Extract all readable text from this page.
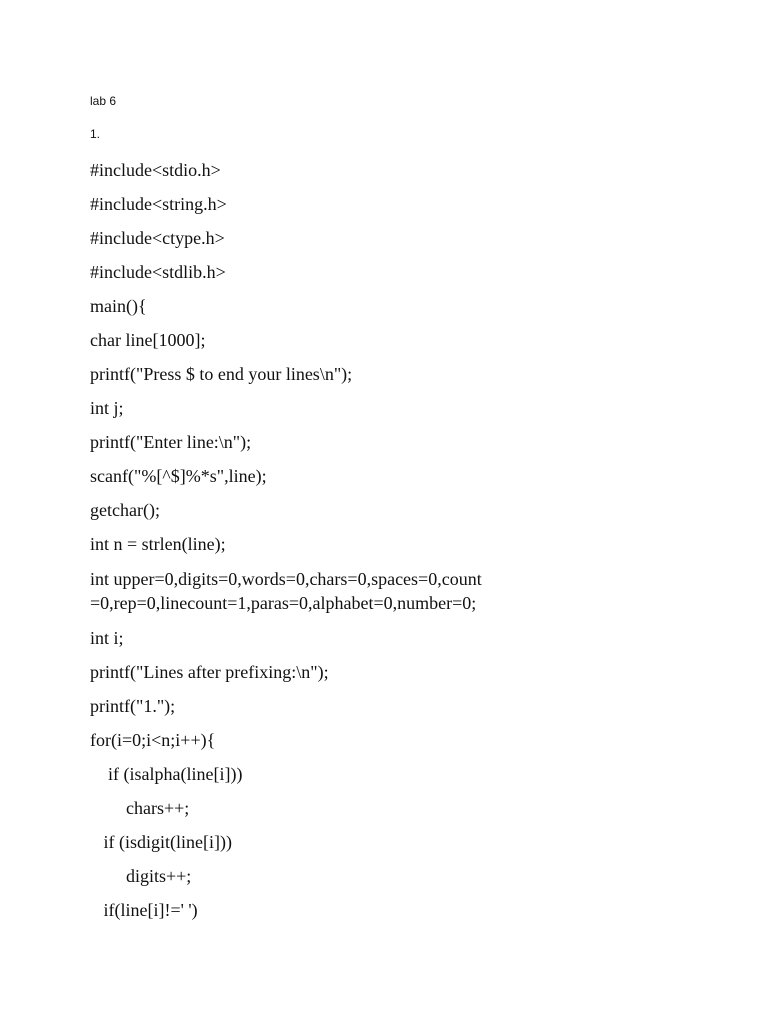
lab 6
1.
#include<stdio.h>
#include<string.h>
#include<ctype.h>
#include<stdlib.h>
main(){
char line[1000];
printf("Press $ to end your lines\n");
int j;
printf("Enter line:\n");
scanf("%[^$]%*s",line);
getchar();
int n = strlen(line);
int upper=0,digits=0,words=0,chars=0,spaces=0,count
=0,rep=0,linecount=1,paras=0,alphabet=0,number=0;
int i;
printf("Lines after prefixing:\n");
printf("1.");
for(i=0;i<n;i++){
if (isalpha(line[i]))
chars++;
if (isdigit(line[i]))
digits++;
if(line[i]!=' ')
